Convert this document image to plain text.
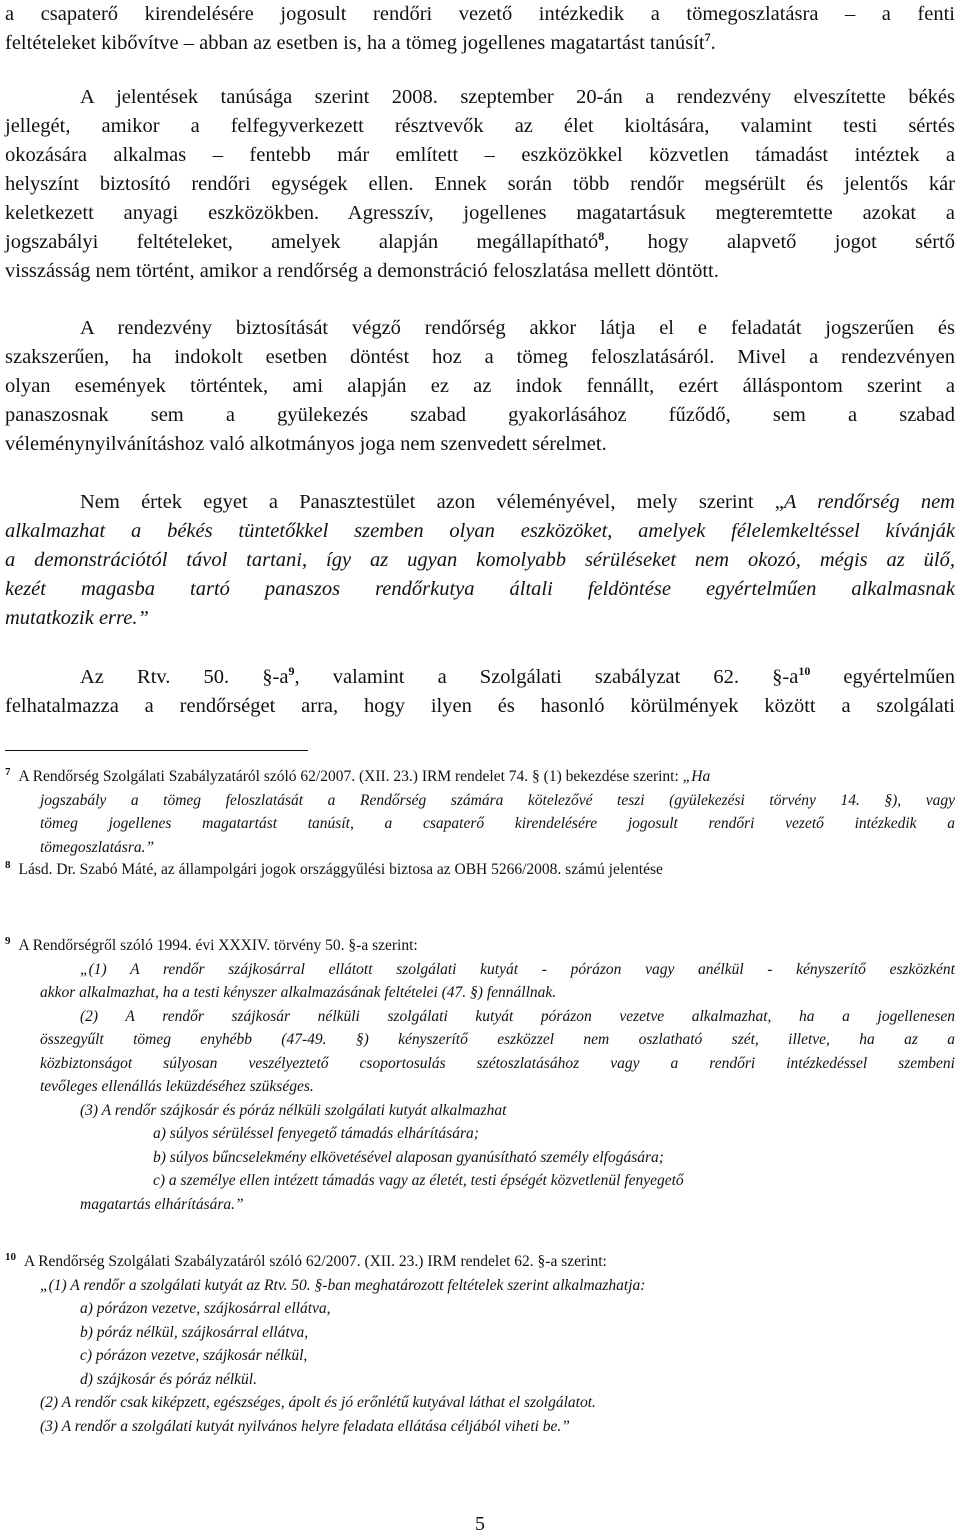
a csapaterő kirendelésére jogosult rendőri vezető intézkedik a tömegoszlatásra – a fenti
feltételeket kibővítve – abban az esetben is, ha a tömeg jogellenes magatartást tanúsít$^7$.
A jelentések tanúsága szerint 2008. szeptember 20-án a rendezvény elveszítette békés
jellegét, amikor a felfegyverkezett résztvevők az élet kioltására, valamint testi sértés
okozására alkalmas – fentebb már említett – eszközökkel közvetlen támadást intéztek a
helyszínt biztosító rendőri egységek ellen. Ennek során több rendőr megsérült és jelentős kár
keletkezett anyagi eszközökben. Agresszív, jogellenes magatartásuk megteremtette azokat a
jogszabályi feltételeket, amelyek alapján megállapítható$^8$, hogy alapvető jogot sértő
visszásság nem történt, amikor a rendőrség a demonstráció feloszlatása mellett döntött.
A rendezvény biztosítását végző rendőrség akkor látja el e feladatát jogszerűen és
szakszerűen, ha indokolt esetben döntést hoz a tömeg feloszlatásáról. Mivel a rendezvényen
olyan események történtek, ami alapján ez az indok fennállt, ezért álláspontom szerint a
panaszosnak sem a gyülekezés szabad gyakorlásához fűződő, sem a szabad
véleménynyilvánításhoz való alkotmányos joga nem szenvedett sérelmet.
Nem értek egyet a Panasztestület azon véleményével, mely szerint „A rendőrség nem
alkalmazhat a békés tüntetőkkel szemben olyan eszközöket, amelyek félelemkeltéssel kívánják
a demonstrációtól távol tartani, így az ugyan komolyabb sérüléseket nem okozó, mégis az ülő,
kezét magasba tartó panaszos rendőrkutya általi feldöntése egyértelműen alkalmasnak
mutatkozik erre.”
Az Rtv. 50. $\S-a^9$, valamint a Szolgálati szabályzat 62. $\S-a^{10}$ egyértelműen
felhatalmazza a rendőrséget arra, hogy ilyen és hasonló körülmények között a szolgálati
$^7$ A Rendőrség Szolgálati Szabályzatáról szóló 62/2007. (XII. 23.) IRM rendelet 74. § (1) bekezdése szerint: „Ha
jogszabály a tömeg feloszlatását a Rendőrség számára kötelezővé teszi (gyülekezési törvény 14. §), vagy
tömeg jogellenes magatartást tanúsít, a csapaterő kirendelésére jogosult rendőri vezető intézkedik a
tömegoszlatásra.”
$^8$ Lásd. Dr. Szabó Máté, az állampolgári jogok országgyűlési biztosa az OBH 5266/2008. számú jelentése
$^9$ A Rendőrségről szóló 1994. évi XXXIV. törvény 50. §-a szerint:
„(1) A rendőr szájkosárral ellátott szolgálati kutyát - pórázon vagy anélkül - kényszerítő eszközként
akkor alkalmazhat, ha a testi kényszer alkalmazásának feltételei (47. §) fennállnak.
(2) A rendőr szájkosár nélküli szolgálati kutyát pórázon vezetve alkalmazhat, ha a jogellenesen
összegyűlt tömeg enyhébb (47-49. §) kényszerítő eszközzel nem oszlatható szét, illetve, ha az a
közbiztonságot súlyosan veszélyeztető csoportosulás szétoszlatásához vagy a rendőri intézkedéssel szembeni
tevőleges ellenállás leküzdéséhez szükséges.
(3) A rendőr szájkosár és póráz nélküli szolgálati kutyát alkalmazhat
a) súlyos sérüléssel fenyegető támadás elhárítására;
b) súlyos bűncselekmény elkövetésével alaposan gyanúsítható személy elfogására;
c) a személye ellen intézett támadás vagy az életét, testi épségét közvetlenül fenyegető
magatartás elhárítására.”
$^{10}$ A Rendőrség Szolgálati Szabályzatáról szóló 62/2007. (XII. 23.) IRM rendelet 62. §-a szerint:
„(1) A rendőr a szolgálati kutyát az Rtv. 50. §-ban meghatározott feltételek szerint alkalmazhatja:
a) pórázon vezetve, szájkosárral ellátva,
b) póráz nélkül, szájkosárral ellátva,
c) pórázon vezetve, szájkosár nélkül,
d) szájkosár és póráz nélkül.
(2) A rendőr csak kiképzett, egészséges, ápolt és jó erőnlétű kutyával láthat el szolgálatot.
(3) A rendőr a szolgálati kutyát nyilvános helyre feladata ellátása céljából viheti be.”
5
